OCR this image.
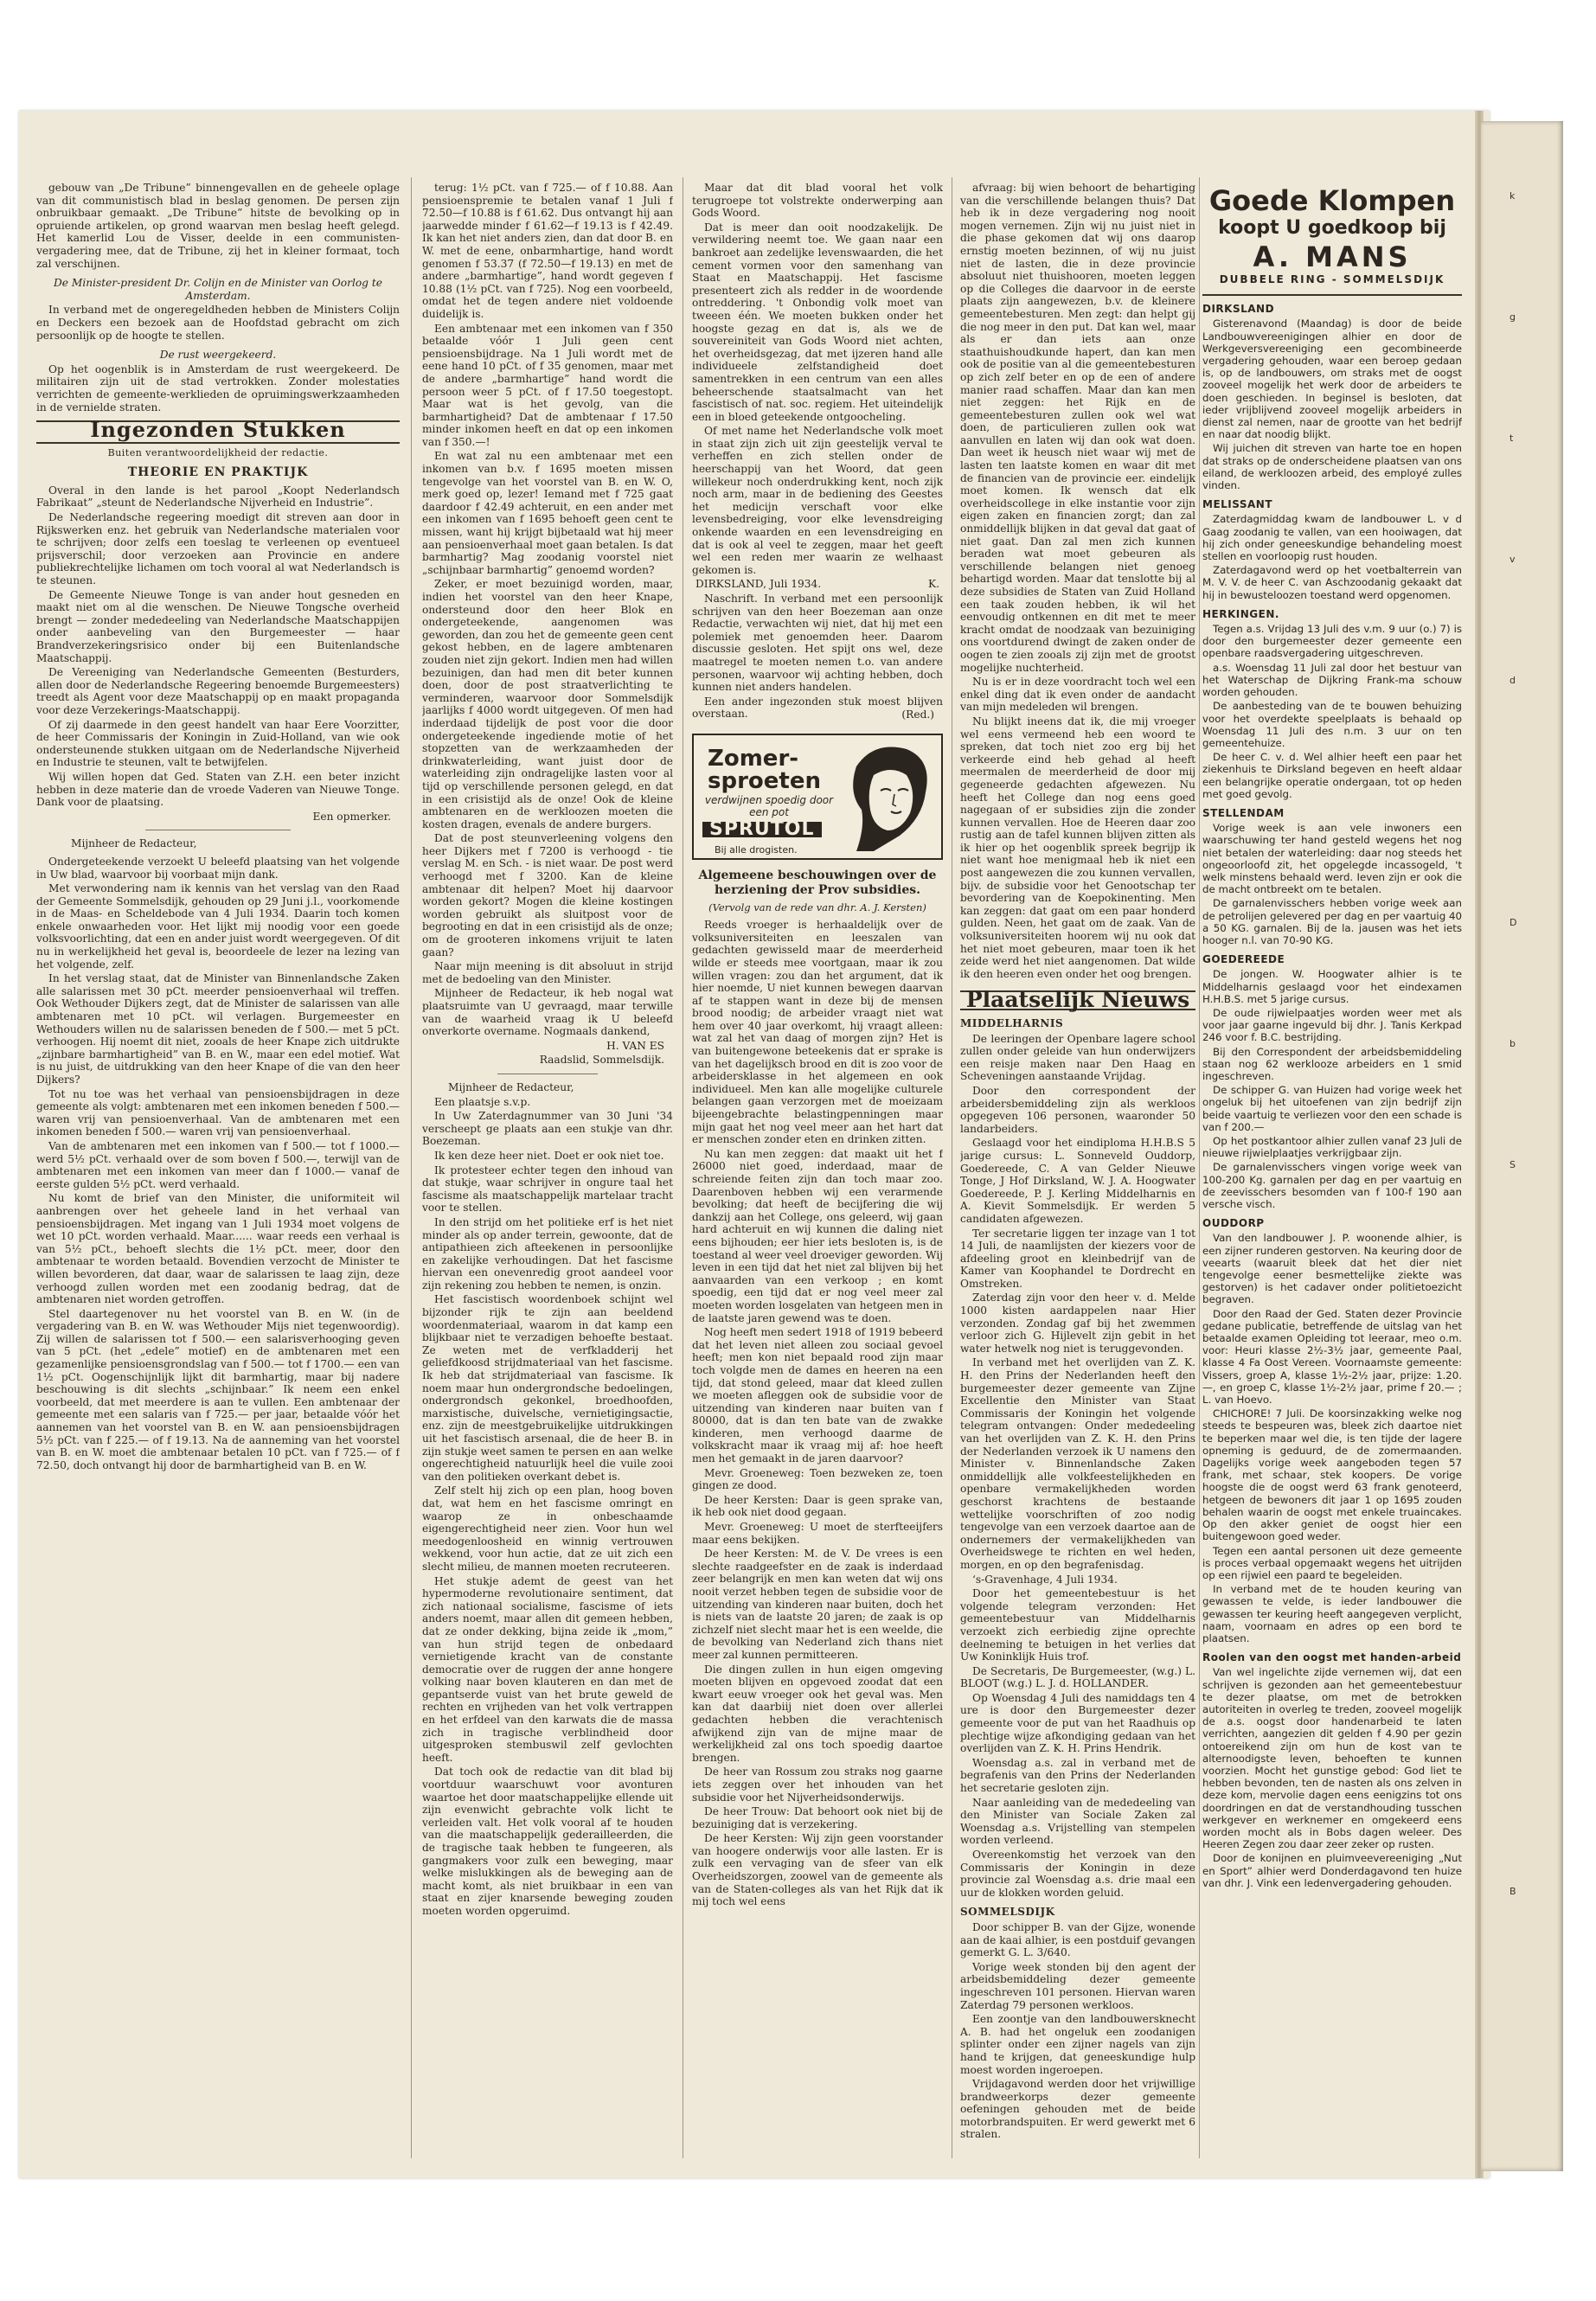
gebouw van „De Tribune” binnengevallen en de geheele oplage van dit communistisch blad in beslag genomen. De persen zijn onbruikbaar gemaakt. „De Tribune” hitste de bevolking op in opruiende artikelen, op grond waarvan men beslag heeft gelegd. Het kamerlid Lou de Visser, deelde in een communisten-vergadering mee, dat de Tribune, zij het in kleiner formaat, toch zal verschijnen.

De Minister-president Dr. Colijn en de Minister van Oorlog te Amsterdam.

In verband met de ongeregeldheden hebben de Ministers Colijn en Deckers een bezoek aan de Hoofdstad gebracht om zich persoonlijk op de hoogte te stellen.

De rust weergekeerd.

Op het oogenblik is in Amsterdam de rust weergekeerd. De militairen zijn uit de stad vertrokken. Zonder molestaties verrichten de gemeente-werklieden de opruimingswerkzaamheden in de vernielde straten.

Ingezonden Stukken
Buiten verantwoordelijkheid der redactie.
THEORIE EN PRAKTIJK

Overal in den lande is het parool „Koopt Nederlandsch Fabrikaat” „steunt de Nederlandsche Nijverheid en Industrie”.

De Nederlandsche regeering moedigt dit streven aan door in Rijkswerken enz. het gebruik van Nederlandsche materialen voor te schrijven; door zelfs een toeslag te verleenen op eventueel prijsverschil; door verzoeken aan Provincie en andere publiekrechtelijke lichamen om toch vooral al wat Nederlandsch is te steunen.

De Gemeente Nieuwe Tonge is van ander hout gesneden en maakt niet om al die wenschen. De Nieuwe Tongsche overheid brengt — zonder mededeeling van Nederlandsche Maatschappijen onder aanbeveling van den Burgemeester — haar Brandverzekeringsrisico onder bij een Buitenlandsche Maatschappij.

De Vereeniging van Nederlandsche Gemeenten (Besturders, allen door de Nederlandsche Regeering benoemde Burgemeesters) treedt als Agent voor deze Maatschappij op en maakt propaganda voor deze Verzekerings-Maatschappij.

Of zij daarmede in den geest handelt van haar Eere Voorzitter, de heer Commissaris der Koningin in Zuid-Holland, van wie ook ondersteunende stukken uitgaan om de Nederlandsche Nijverheid en Industrie te steunen, valt te betwijfelen.

Wij willen hopen dat Ged. Staten van Z.H. een beter inzicht hebben in deze materie dan de vroede Vaderen van Nieuwe Tonge. Dank voor de plaatsing.

Een opmerker.

Mijnheer de Redacteur,

Ondergeteekende verzoekt U beleefd plaatsing van het volgende in Uw blad, waarvoor bij voorbaat mijn dank.

Met verwondering nam ik kennis van het verslag van den Raad der Gemeente Sommelsdijk, gehouden op 29 Juni j.l., voorkomende in de Maas- en Scheldebode van 4 Juli 1934. Daarin toch komen enkele onwaarheden voor. Het lijkt mij noodig voor een goede volksvoorlichting, dat een en ander juist wordt weergegeven. Of dit nu in werkelijkheid het geval is, beoordeele de lezer na lezing van het volgende, zelf.

In het verslag staat, dat de Minister van Binnenlandsche Zaken alle salarissen met 30 pCt. meerder pensioenverhaal wil treffen. Ook Wethouder Dijkers zegt, dat de Minister de salarissen van alle ambtenaren met 10 pCt. wil verlagen. Burgemeester en Wethouders willen nu de salarissen beneden de f 500.— met 5 pCt. verhoogen. Hij noemt dit niet, zooals de heer Knape zich uitdrukte „zijnbare barmhartigheid” van B. en W., maar een edel motief. Wat is nu juist, de uitdrukking van den heer Knape of die van den heer Dijkers?

Tot nu toe was het verhaal van pensioensbijdragen in deze gemeente als volgt: ambtenaren met een inkomen beneden f 500.— waren vrij van pensioenverhaal. Van de ambtenaren met een inkomen beneden f 500.— waren vrij van pensioenverhaal.

Van de ambtenaren met een inkomen van f 500.— tot f 1000.— werd 5½ pCt. verhaald over de som boven f 500.—, terwijl van de ambtenaren met een inkomen van meer dan f 1000.— vanaf de eerste gulden 5½ pCt. werd verhaald.

Nu komt de brief van den Minister, die uniformiteit wil aanbrengen over het geheele land in het verhaal van pensioensbijdragen. Met ingang van 1 Juli 1934 moet volgens de wet 10 pCt. worden verhaald. Maar...... waar reeds een verhaal is van 5½ pCt., behoeft slechts die 1½ pCt. meer, door den ambtenaar te worden betaald. Bovendien verzocht de Minister te willen bevorderen, dat daar, waar de salarissen te laag zijn, deze verhoogd zullen worden met een zoodanig bedrag, dat de ambtenaren niet worden getroffen.

Stel daartegenover nu het voorstel van B. en W. (in de vergadering van B. en W. was Wethouder Mijs niet tegenwoordig). Zij willen de salarissen tot f 500.— een salarisverhooging geven van 5 pCt. (het „edele” motief) en de ambtenaren met een gezamenlijke pensioensgrondslag van f 500.— tot f 1700.— een van 1½ pCt. Oogenschijnlijk lijkt dit barmhartig, maar bij nadere beschouwing is dit slechts „schijnbaar.” Ik neem een enkel voorbeeld, dat met meerdere is aan te vullen. Een ambtenaar der gemeente met een salaris van f 725.— per jaar, betaalde vóór het aannemen van het voorstel van B. en W. aan pensioensbijdragen 5½ pCt. van f 225.— of f 19.13. Na de aanneming van het voorstel van B. en W. moet die ambtenaar betalen 10 pCt. van f 725.— of f 72.50, doch ontvangt hij door de barmhartigheid van B. en W.

terug: 1½ pCt. van f 725.— of f 10.88. Aan pensioenspremie te betalen vanaf 1 Juli f 72.50—f 10.88 is f 61.62. Dus ontvangt hij aan jaarwedde minder f 61.62—f 19.13 is f 42.49. Ik kan het niet anders zien, dan dat door B. en W. met de eene, onbarmhartige, hand wordt genomen f 53.37 (f 72.50—f 19.13) en met de andere „barmhartige”, hand wordt gegeven f 10.88 (1½ pCt. van f 725). Nog een voorbeeld, omdat het de tegen andere niet voldoende duidelijk is.

Een ambtenaar met een inkomen van f 350 betaalde vóór 1 Juli geen cent pensioensbijdrage. Na 1 Juli wordt met de eene hand 10 pCt. of f 35 genomen, maar met de andere „barmhartige” hand wordt die persoon weer 5 pCt. of f 17.50 toegestopt. Maar wat is het gevolg, van die barmhartigheid? Dat de ambtenaar f 17.50 minder inkomen heeft en dat op een inkomen van f 350.—!

En wat zal nu een ambtenaar met een inkomen van b.v. f 1695 moeten missen tengevolge van het voorstel van B. en W. O, merk goed op, lezer! Iemand met f 725 gaat daardoor f 42.49 achteruit, en een ander met een inkomen van f 1695 behoeft geen cent te missen, want hij krijgt bijbetaald wat hij meer aan pensioenverhaal moet gaan betalen. Is dat barmhartig? Mag zoodanig voorstel niet „schijnbaar barmhartig” genoemd worden?

Zeker, er moet bezuinigd worden, maar, indien het voorstel van den heer Knape, ondersteund door den heer Blok en ondergeteekende, aangenomen was geworden, dan zou het de gemeente geen cent gekost hebben, en de lagere ambtenaren zouden niet zijn gekort. Indien men had willen bezuinigen, dan had men dit beter kunnen doen, door de post straatverlichting te verminderen, waarvoor door Sommelsdijk jaarlijks f 4000 wordt uitgegeven. Of men had inderdaad tijdelijk de post voor die door ondergeteekende ingediende motie of het stopzetten van de werkzaamheden der drinkwaterleiding, want juist door de waterleiding zijn ondragelijke lasten voor al tijd op verschillende personen gelegd, en dat in een crisistijd als de onze! Ook de kleine ambtenaren en de werkloozen moeten die kosten dragen, evenals de andere burgers.

Dat de post steunverleening volgens den heer Dijkers met f 7200 is verhoogd - tie verslag M. en Sch. - is niet waar. De post werd verhoogd met f 3200. Kan de kleine ambtenaar dit helpen? Moet hij daarvoor worden gekort? Mogen die kleine kostingen worden gebruikt als sluitpost voor de begrooting en dat in een crisistijd als de onze; om de grooteren inkomens vrijuit te laten gaan?

Naar mijn meening is dit absoluut in strijd met de bedoeling van den Minister.

Mijnheer de Redacteur, ik heb nogal wat plaatsruimte van U gevraagd, maar terwille van de waarheid vraag ik U beleefd onverkorte overname. Nogmaals dankend,

H. VAN ES
Raadslid, Sommelsdijk.

Mijnheer de Redacteur,

Een plaatsje s.v.p.

In Uw Zaterdagnummer van 30 Juni '34 verscheept ge plaats aan een stukje van dhr. Boezeman.

Ik ken deze heer niet. Doet er ook niet toe.

Ik protesteer echter tegen den inhoud van dat stukje, waar schrijver in ongure taal het fascisme als maatschappelijk martelaar tracht voor te stellen.

In den strijd om het politieke erf is het niet minder als op ander terrein, gewoonte, dat de antipathieen zich afteekenen in persoonlijke en zakelijke verhoudingen. Dat het fascisme hiervan een onevenredig groot aandeel voor zijn rekening zou hebben te nemen, is onzin.

Het fascistisch woordenboek schijnt wel bijzonder rijk te zijn aan beeldend woordenmateriaal, waarom in dat kamp een blijkbaar niet te verzadigen behoefte bestaat. Ze weten met de verfkladderij het geliefdkoosd strijdmateriaal van het fascisme. Ik heb dat strijdmateriaal van fascisme. Ik noem maar hun ondergrondsche bedoelingen, ondergrondsch gekonkel, broedhoofden, marxistische, duivelsche, vernietigingsactie, enz. zijn de meestgebruikelijke uitdrukkingen uit het fascistisch arsenaal, die de heer B. in zijn stukje weet samen te persen en aan welke ongerechtigheid natuurlijk heel die vuile zooi van den politieken overkant debet is.

Zelf stelt hij zich op een plan, hoog boven dat, wat hem en het fascisme omringt en waarop ze in onbeschaamde eigengerechtigheid neer zien. Voor hun wel meedogenloosheid en winnig vertrouwen wekkend, voor hun actie, dat ze uit zich een slecht milieu, de mannen moeten recruteeren.

Het stukje ademt de geest van het hypermoderne revolutionaire sentiment, dat zich nationaal socialisme, fascisme of iets anders noemt, maar allen dit gemeen hebben, dat ze onder dekking, bijna zeide ik „mom,” van hun strijd tegen de onbedaard vernietigende kracht van de constante democratie over de ruggen der anne hongere volking naar boven klauteren en dan met de gepantserde vuist van het brute geweld de rechten en vrijheden van het volk vertrappen en het erfdeel van den karwats die de massa zich in tragische verblindheid door uitgesproken stembuswil zelf gevlochten heeft.

Dat toch ook de redactie van dit blad bij voortduur waarschuwt voor avonturen waartoe het door maatschappelijke ellende uit zijn evenwicht gebrachte volk licht te verleiden valt. Het volk vooral af te houden van die maatschappelijk gederailleerden, die de tragische taak hebben te fungeeren, als gangmakers voor zulk een beweging, maar welke mislukkingen als de beweging aan de macht komt, als niet bruikbaar in een van staat en zijer knarsende beweging zouden moeten worden opgeruimd.

Maar dat dit blad vooral het volk terugroepe tot volstrekte onderwerping aan Gods Woord.

Dat is meer dan ooit noodzakelijk. De verwildering neemt toe. We gaan naar een bankroet aan zedelijke levenswaarden, die het cement vormen voor den samenhang van Staat en Maatschappij. Het fascisme presenteert zich als redder in de woordende ontreddering. 't Onbondig volk moet van tweeen één. We moeten bukken onder het hoogste gezag en dat is, als we de souvereiniteit van Gods Woord niet achten, het overheidsgezag, dat met ijzeren hand alle individueele zelfstandigheid doet samentrekken in een centrum van een alles beheerschende staatsalmacht van het fascistisch of nat. soc. regiem. Het uiteindelijk een in bloed geteekende ontgoocheling.

Of met name het Nederlandsche volk moet in staat zijn zich uit zijn geestelijk verval te verheffen en zich stellen onder de heerschappij van het Woord, dat geen willekeur noch onderdrukking kent, noch zijk noch arm, maar in de bediening des Geestes het medicijn verschaft voor elke levensbedreiging, voor elke levensdreiging onkende waarden en een levensdreiging en dat is ook al veel te zeggen, maar het geeft wel een reden mer waarin ze welhaast gekomen is.

DIRKSLAND, Juli 1934.	K.

Naschrift. In verband met een persoonlijk schrijven van den heer Boezeman aan onze Redactie, verwachten wij niet, dat hij met een polemiek met genoemden heer. Daarom discussie gesloten. Het spijt ons wel, deze maatregel te moeten nemen t.o. van andere personen, waarvoor wij achting hebben, doch kunnen niet anders handelen.

Een ander ingezonden stuk moest blijven overstaan.	(Red.)
Zomer-
sproeten
verdwijnen spoedig door een pot
SPRUTOL
Bij alle drogisten.
Algemeene beschouwingen over de herziening der Prov subsidies.
(Vervolg van de rede van dhr. A. J. Kersten)

Reeds vroeger is herhaaldelijk over de volksuniversiteiten en leeszalen van gedachten gewisseld maar de meerderheid wilde er steeds mee voortgaan, maar ik zou willen vragen: zou dan het argument, dat ik hier noemde, U niet kunnen bewegen daarvan af te stappen want in deze bij de mensen brood noodig; de arbeider vraagt niet wat hem over 40 jaar overkomt, hij vraagt alleen: wat zal het van daag of morgen zijn? Het is van buitengewone beteekenis dat er sprake is van het dagelijksch brood en dit is zoo voor de arbeidersklasse in het algemeen en ook individueel. Men kan alle mogelijke culturele belangen gaan verzorgen met de moeizaam bijeengebrachte belastingpenningen maar mijn gaat het nog veel meer aan het hart dat er menschen zonder eten en drinken zitten.

Nu kan men zeggen: dat maakt uit het f 26000 niet goed, inderdaad, maar de schreiende feiten zijn dan toch maar zoo. Daarenboven hebben wij een verarmende bevolking; dat heeft de becijfering die wij dankzij aan het College, ons geleerd, wij gaan hard achteruit en wij kunnen die daling niet eens bijhouden; eer hier iets besloten is, is de toestand al weer veel droeviger geworden. Wij leven in een tijd dat het niet zal blijven bij het aanvaarden van een verkoop ; en komt spoedig, een tijd dat er nog veel meer zal moeten worden losgelaten van hetgeen men in de laatste jaren gewend was te doen.

Nog heeft men sedert 1918 of 1919 bebeerd dat het leven niet alleen zou sociaal gevoel heeft; men kon niet bepaald rood zijn maar toch volgde men de dames en heeren na een tijd, dat stond geleed, maar dat kleed zullen we moeten afleggen ook de subsidie voor de uitzending van kinderen naar buiten van f 80000, dat is dan ten bate van de zwakke kinderen, men verhoogd daarme de volkskracht maar ik vraag mij af: hoe heeft men het gemaakt in de jaren daarvoor?

Mevr. Groeneweg: Toen bezweken ze, toen gingen ze dood.

De heer Kersten: Daar is geen sprake van, ik heb ook niet dood gegaan.

Mevr. Groeneweg: U moet de sterfteeijfers maar eens bekijken.

De heer Kersten: M. de V. De vrees is een slechte raadgeefster en de zaak is inderdaad zeer belangrijk en men kan weten dat wij ons nooit verzet hebben tegen de subsidie voor de uitzending van kinderen naar buiten, doch het is niets van de laatste 20 jaren; de zaak is op zichzelf niet slecht maar het is een weelde, die de bevolking van Nederland zich thans niet meer zal kunnen permitteeren.

Die dingen zullen in hun eigen omgeving moeten blijven en opgevoed zoodat dat een kwart eeuw vroeger ook het geval was. Men kan dat daarbiij niet doen over allerlei gedachten hebben die verachtenisch afwijkend zijn van de mijne maar de werkelijkheid zal ons toch spoedig daartoe brengen.

De heer van Rossum zou straks nog gaarne iets zeggen over het inhouden van het subsidie voor het Nijverheidsonderwijs.

De heer Trouw: Dat behoort ook niet bij de bezuiniging dat is verzekering.

De heer Kersten: Wij zijn geen voorstander van hoogere onderwijs voor alle lasten. Er is zulk een vervaging van de sfeer van elk Overheidszorgen, zoowel van de gemeente als van de Staten-colleges als van het Rijk dat ik mij toch wel eens

afvraag: bij wien behoort de behartiging van die verschillende belangen thuis? Dat heb ik in deze vergadering nog nooit mogen vernemen. Zijn wij nu juist niet in die phase gekomen dat wij ons daarop ernstig moeten bezinnen, of wij nu juist niet de lasten, die in deze provincie absoluut niet thuishooren, moeten leggen op die Colleges die daarvoor in de eerste plaats zijn aangewezen, b.v. de kleinere gemeentebesturen. Men zegt: dan helpt gij die nog meer in den put. Dat kan wel, maar als er dan iets aan onze staathuishoudkunde hapert, dan kan men ook de positie van al die gemeentebesturen op zich zelf beter en op de een of andere manier raad schaffen. Maar dan kan men niet zeggen: het Rijk en de gemeentebesturen zullen ook wel wat doen, de particulieren zullen ook wat aanvullen en laten wij dan ook wat doen. Dan weet ik heusch niet waar wij met de lasten ten laatste komen en waar dit met de financien van de provincie eer. eindelijk moet komen. Ik wensch dat elk overheidscollege in elke instantie voor zijn eigen zaken en financien zorgt; dan zal onmiddellijk blijken in dat geval dat gaat of niet gaat. Dan zal men zich kunnen beraden wat moet gebeuren als verschillende belangen niet genoeg behartigd worden. Maar dat tenslotte bij al deze subsidies de Staten van Zuid Holland een taak zouden hebben, ik wil het eenvoudig ontkennen en dit met te meer kracht omdat de noodzaak van bezuiniging ons voortdurend dwingt de zaken onder de oogen te zien zooals zij zijn met de grootst mogelijke nuchterheid.

Nu is er in deze voordracht toch wel een enkel ding dat ik even onder de aandacht van mijn medeleden wil brengen.

Nu blijkt ineens dat ik, die mij vroeger wel eens vermeend heb een woord te spreken, dat toch niet zoo erg bij het verkeerde eind heb gehad al heeft meermalen de meerderheid de door mij gegeneerde gedachten afgewezen. Nu heeft het College dan nog eens goed nagegaan of er subsidies zijn die zonder kunnen vervallen. Hoe de Heeren daar zoo rustig aan de tafel kunnen blijven zitten als ik hier op het oogenblik spreek begrijp ik niet want hoe menigmaal heb ik niet een post aangewezen die zou kunnen vervallen, bijv. de subsidie voor het Genootschap ter bevordering van de Koepokinenting. Men kan zeggen: dat gaat om een paar honderd gulden. Neen, het gaat om de zaak. Van de volksuniversiteiten hoorem wij nu ook dat het niet moet gebeuren, maar toen ik het zeide werd het niet aangenomen. Dat wilde ik den heeren even onder het oog brengen.

Plaatselijk Nieuws
MIDDELHARNIS

De leeringen der Openbare lagere school zullen onder geleide van hun onderwijzers een reisje maken naar Den Haag en Scheveningen aanstaande Vrijdag.

Door den correspondent der arbeidersbemiddeling zijn als werkloos opgegeven 106 personen, waaronder 50 landarbeiders.

Geslaagd voor het eindiploma H.H.B.S 5 jarige cursus: L. Sonneveld Ouddorp, Goedereede, C. A van Gelder Nieuwe Tonge, J Hof Dirksland, W. J. A. Hoogwater Goedereede, P. J. Kerling Middelharnis en A. Kievit Sommelsdijk. Er werden 5 candidaten afgewezen.

Ter secretarie liggen ter inzage van 1 tot 14 Juli, de naamlijsten der kiezers voor de afdeeling groot en kleinbedrijf van de Kamer van Koophandel te Dordrecht en Omstreken.

Zaterdag zijn voor den heer v. d. Melde 1000 kisten aardappelen naar Hier verzonden. Zondag gaf bij het zwemmen verloor zich G. Hijlevelt zijn gebit in het water hetwelk nog niet is teruggevonden.

In verband met het overlijden van Z. K. H. den Prins der Nederlanden heeft den burgemeester dezer gemeente van Zijne Excellentie den Minister van Staat Commissaris der Koningin het volgende telegram ontvangen: Onder mededeeling van het overlijden van Z. K. H. den Prins der Nederlanden verzoek ik U namens den Minister v. Binnenlandsche Zaken onmiddellijk alle volkfeestelijkheden en openbare vermakelijkheden worden geschorst krachtens de bestaande wettelijke voorschriften of zoo nodig tengevolge van een verzoek daartoe aan de ondernemers der vermakelijkheden van Overheidswege te richten en wel heden, morgen, en op den begrafenisdag.

‘s-Gravenhage, 4 Juli 1934.

Door het gemeentebestuur is het volgende telegram verzonden: Het gemeentebestuur van Middelharnis verzoekt zich eerbiedig zijne oprechte deelneming te betuigen in het verlies dat Uw Koninklijk Huis trof.

De Secretaris, De Burgemeester, (w.g.) L. BLOOT (w.g.) L. J. d. HOLLANDER.

Op Woensdag 4 Juli des namiddags ten 4 ure is door den Burgemeester dezer gemeente voor de put van het Raadhuis op plechtige wijze afkondiging gedaan van het overlijden van Z. K. H. Prins Hendrik.

Woensdag a.s. zal in verband met de begrafenis van den Prins der Nederlanden het secretarie gesloten zijn.

Naar aanleiding van de mededeeling van den Minister van Sociale Zaken zal Woensdag a.s. Vrijstelling van stempelen worden verleend.

Overeenkomstig het verzoek van den Commissaris der Koningin in deze provincie zal Woensdag a.s. drie maal een uur de klokken worden geluid.

SOMMELSDIJK

Door schipper B. van der Gijze, wonende aan de kaai alhier, is een postduif gevangen gemerkt G. L. 3/640.

Vorige week stonden bij den agent der arbeidsbemiddeling dezer gemeente ingeschreven 101 personen. Hiervan waren Zaterdag 79 personen werkloos.

Een zoontje van den landbouwersknecht A. B. had het ongeluk een zoodanigen splinter onder een zijner nagels van zijn hand te krijgen, dat geneeskundige hulp moest worden ingeroepen.

Vrijdagavond werden door het vrijwillige brandweerkorps dezer gemeente oefeningen gehouden met de beide motorbrandspuiten. Er werd gewerkt met 6 stralen.

Goede Klompen
koopt U goedkoop bij
A. MANS
DUBBELE RING - SOMMELSDIJK
DIRKSLAND

Gisterenavond (Maandag) is door de beide Landbouwvereenigingen alhier en door de Werkgeversvereeniging een gecombineerde vergadering gehouden, waar een beroep gedaan is, op de landbouwers, om straks met de oogst zooveel mogelijk het werk door de arbeiders te doen geschieden. In beginsel is besloten, dat ieder vrijblijvend zooveel mogelijk arbeiders in dienst zal nemen, naar de grootte van het bedrijf en naar dat noodig blijkt.

Wij juichen dit streven van harte toe en hopen dat straks op de onderscheidene plaatsen van ons eiland, de werkloozen arbeid, des employé zulles vinden.

MELISSANT

Zaterdagmiddag kwam de landbouwer L. v d Gaag zoodanig te vallen, van een hooiwagen, dat hij zich onder geneeskundige behandeling moest stellen en voorloopig rust houden.

Zaterdagavond werd op het voetbalterrein van M. V. V. de heer C. van Aschzoodanig gekaakt dat hij in bewusteloozen toestand werd opgenomen.

HERKINGEN.

Tegen a.s. Vrijdag 13 Juli des v.m. 9 uur (o.) 7) is door den burgemeester dezer gemeente een openbare raadsvergadering uitgeschreven.

a.s. Woensdag 11 Juli zal door het bestuur van het Waterschap de Dijkring Frank-ma schouw worden gehouden.

De aanbesteding van de te bouwen behuizing voor het overdekte speelplaats is behaald op Woensdag 11 Juli des n.m. 3 uur on ten gemeentehuize.

De heer C. v. d. Wel alhier heeft een paar het ziekenhuis te Dirksland begeven en heeft aldaar een belangrijke operatie ondergaan, tot op heden met goed gevolg.

STELLENDAM

Vorige week is aan vele inwoners een waarschuwing ter hand gesteld wegens het nog niet betalen der waterleiding: daar nog steeds het ongeoorloofd zit, het opgelegde incassogeld, 't welk minstens behaald werd. Ieven zijn er ook die de macht ontbreekt om te betalen.

De garnalenvisschers hebben vorige week aan de petrolijen gelevered per dag en per vaartuig 40 a 50 KG. garnalen. Bij de la. jausen was het iets hooger n.l. van 70-90 KG.

GOEDEREEDE

De jongen. W. Hoogwater alhier is te Middelharnis geslaagd voor het eindexamen H.H.B.S. met 5 jarige cursus.

De oude rijwielpaatjes worden weer met als voor jaar gaarne ingevuld bij dhr. J. Tanis Kerkpad 246 voor f. B.C. bestrijding.

Bij den Correspondent der arbeidsbemiddeling staan nog 62 werklooze arbeiders en 1 smid ingeschreven.

De schipper G. van Huizen had vorige week het ongeluk bij het uitoefenen van zijn bedrijf zijn beide vaartuig te verliezen voor den een schade is van f 200.—

Op het postkantoor alhier zullen vanaf 23 Juli de nieuwe rijwielplaatjes verkrijgbaar zijn.

De garnalenvisschers vingen vorige week van 100-200 Kg. garnalen per dag en per vaartuig en de zeevisschers besomden van f 100-f 190 aan versche visch.

OUDDORP

Van den landbouwer J. P. woonende alhier, is een zijner runderen gestorven. Na keuring door de veearts (waaruit bleek dat het dier niet tengevolge eener besmettelijke ziekte was gestorven) is het cadaver onder politietoezicht begraven.

Door den Raad der Ged. Staten dezer Provincie gedane publicatie, betreffende de uitslag van het betaalde examen Opleiding tot leeraar, meo o.m. voor: Heuri klasse 2½-3½ jaar, gemeente Paal, klasse 4 Fa Oost Vereen. Voornaamste gemeente: Vissers, groep A, klasse 1½-2½ jaar, prijze: 1.20.—, en groep C, klasse 1½-2½ jaar, prime f 20.— ; L. van Hoevo.

CHICHORE! 7 Juli. De koorsinzakking welke nog steeds te bespeuren was, bleek zich daartoe niet te beperken maar wel die, is ten tijde der lagere opneming is geduurd, de de zomermaanden. Dagelijks vorige week aangeboden tegen 57 frank, met schaar, stek koopers. De vorige hoogste die de oogst werd 63 frank genoteerd, hetgeen de bewoners dit jaar 1 op 1695 zouden behalen waarin de oogst met enkele truaincakes. Op den akker geniet de oogst hier een buitengewoon goed weder.

Tegen een aantal personen uit deze gemeente is proces verbaal opgemaakt wegens het uitrijden op een rijwiel een paard te begeleiden.

In verband met de te houden keuring van gewassen te velde, is ieder landbouwer die gewassen ter keuring heeft aangegeven verplicht, naam, voornaam en adres op een bord te plaatsen.

Roolen van den oogst met handen-arbeid

Van wel ingelichte zijde vernemen wij, dat een schrijven is gezonden aan het gemeentebestuur te dezer plaatse, om met de betrokken autoriteiten in overleg te treden, zooveel mogelijk de a.s. oogst door handenarbeid te laten verrichten, aangezien dit gelden f 4.90 per gezin ontoereikend zijn om hun de kost van te alternoodigste leven, behoeften te kunnen voorzien. Mocht het gunstige gebod: God liet te hebben bevonden, ten de nasten als ons zelven in deze kom, mervolie dagen eens eenigzins tot ons doordringen en dat de verstandhouding tusschen werkgever en werknemer en omgekeerd eens worden mocht als in Bobs dagen weleer. Des Heeren Zegen zou daar zeer zeker op rusten.

Door de konijnen en pluimveevereeniging „Nut en Sport” alhier werd Donderdagavond ten huize van dhr. J. Vink een ledenvergadering gehouden.

k
g
t
v
d
D
b
S
B
